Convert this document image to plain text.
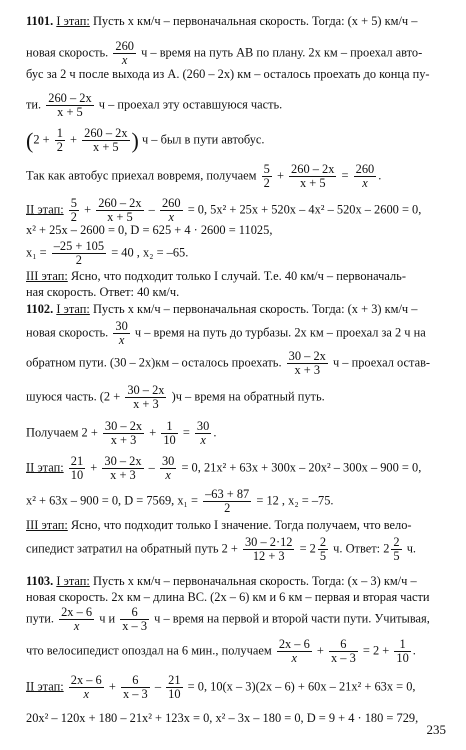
1101. I этап: Пусть x км/ч – первоначальная скорость. Тогда: (x + 5) км/ч –
новая скорость. $\frac{260}{x}$ ч – время на путь АВ по плану. 2x км – проехал авто-
бус за 2 ч после выхода из А. (260 – 2x) км – осталось проехать до конца пу-
ти. $\frac{260 - 2x}{x + 5}$ ч – проехал эту оставшуюся часть.
($2 + \frac{1}{2} + \frac{260 - 2x}{x + 5}$ ) ч – был в пути автобус.
Так как автобус приехал вовремя, получаем $\frac{5}{2} + \frac{260 - 2x}{x + 5} = \frac{260}{x}$ .
II этап: $\frac{5}{2} + \frac{260 - 2x}{x + 5} - \frac{260}{x} = 0$, 5x² + 25x + 520x – 4x² – 520x – 2600 = 0,
x² + 25x – 2600 = 0, D = 625 + 4 · 2600 = 11025,
$x_1 = \frac{-25 + 105}{2} = 40$ , x₂ = –65.
III этап: Ясно, что подходит только I случай. Т.е. 40 км/ч – первоначаль-
ная скорость. Ответ: 40 км/ч.
1102. I этап: Пусть x км/ч – первоначальная скорость. Тогда: (x + 3) км/ч –
новая скорость. $\frac{30}{x}$ ч – время на путь до турбазы. 2x км – проехал за 2 ч на
обратном пути. (30 – 2x)км – осталось проехать. $\frac{30 - 2x}{x + 3}$ ч – проехал остав-
шуюся часть. $(2 + \frac{30 - 2x}{x + 3} )ч$ – время на обратный путь.
Получаем $2 + \frac{30 - 2x}{x + 3} + \frac{1}{10} = \frac{30}{x}$ .
II этап: $\frac{21}{10} + \frac{30 - 2x}{x + 3} - \frac{30}{x} = 0$, 21x² + 63x + 300x – 20x² – 300x – 900 = 0,
x² + 63x – 900 = 0, D = 7569, $x_1 = \frac{-63 + 87}{2} = 12$ , x₂ = –75.
III этап: Ясно, что подходит только I значение. Тогда получаем, что вело-
сипедист затратил на обратный путь $2 + \frac{30 - 2\cdot 12}{12 + 3} = 2 \frac{2}{5} ч$. Ответ: $2 \frac{2}{5} ч$.
1103. I этап: Пусть x км/ч – первоначальная скорость. Тогда: (x – 3) км/ч –
новая скорость. 2x км – длина ВС. (2x – 6) км и 6 км – первая и вторая части
пути. $\frac{2x - 6}{x}$ ч и $\frac{6}{x - 3}$ ч – время на первой и второй части пути. Учитывая,
что велосипедист опоздал на 6 мин., получаем $\frac{2x - 6}{x} + \frac{6}{x - 3} = 2 + \frac{1}{10}$ .
II этап: $\frac{2x - 6}{x} + \frac{6}{x - 3} - \frac{21}{10} = 0$, 10(x – 3)(2x – 6) + 60x – 21x² + 63x = 0,
20x² – 120x + 180 – 21x² + 123x = 0, x² – 3x – 180 = 0, D = 9 + 4 · 180 = 729,
235
